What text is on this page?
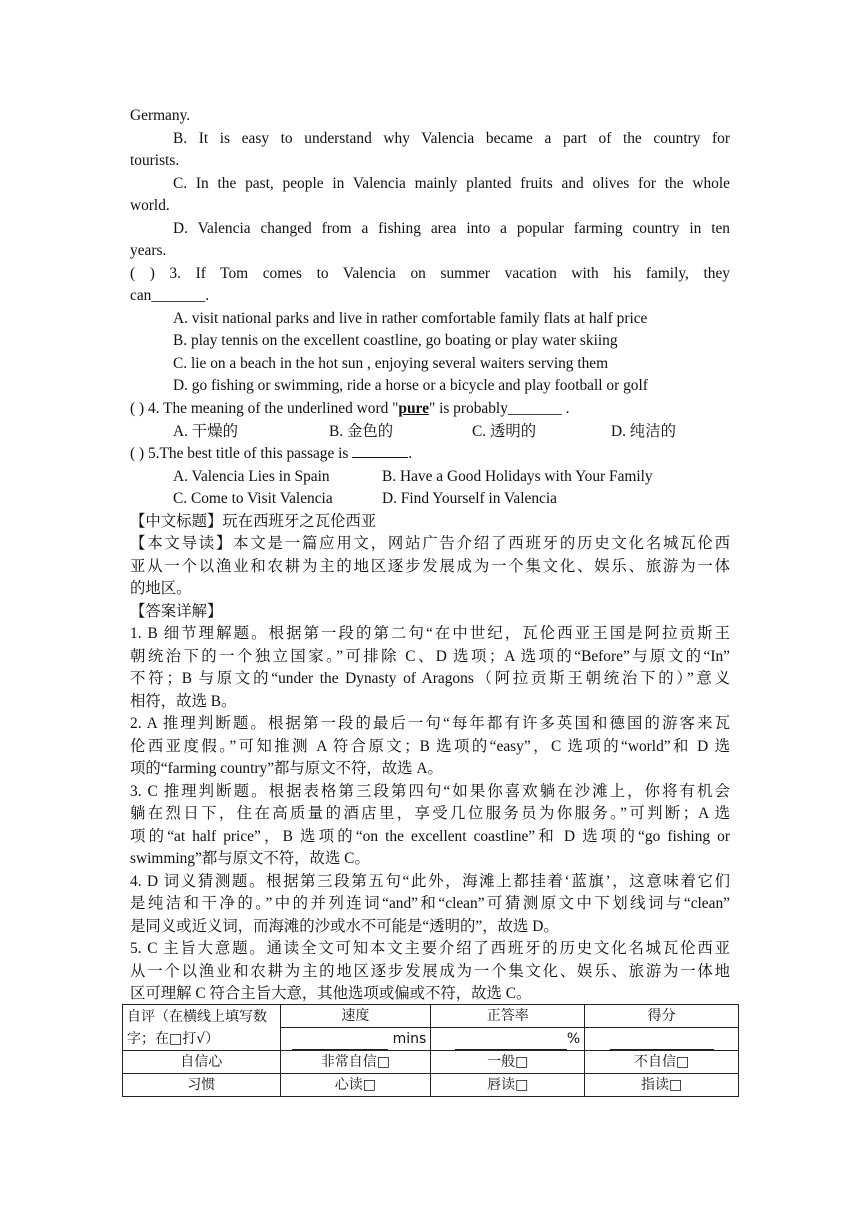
Germany.
B. It is easy to understand why Valencia became a part of the country for
tourists.
C. In the past, people in Valencia mainly planted fruits and olives for the whole
world.
D. Valencia changed from a fishing area into a popular farming country in ten
years.
( ) 3. If Tom comes to Valencia on summer vacation with his family, they
can_______.
A. visit national parks and live in rather comfortable family flats at half price
B. play tennis on the excellent coastline, go boating or play water skiing
C. lie on a beach in the hot sun , enjoying several waiters serving them
D. go fishing or swimming, ride a horse or a bicycle and play football or golf
( ) 4. The meaning of the underlined word "pure" is probably_______ .
A. 干燥的	B. 金色的	C. 透明的	D. 纯洁的
( ) 5.The best title of this passage is	.
A. Valencia Lies in Spain	B. Have a Good Holidays with Your Family
C. Come to Visit Valencia	D. Find Yourself in Valencia
【中文标题】玩在西班牙之瓦伦西亚
【本文导读】本文是一篇应用文，网站广告介绍了西班牙的历史文化名城瓦伦西
亚从一个以渔业和农耕为主的地区逐步发展成为一个集文化、娱乐、旅游为一体
的地区。
【答案详解】
1. B 细节理解题。根据第一段的第二句“在中世纪，瓦伦西亚王国是阿拉贡斯王
朝统治下的一个独立国家。”可排除 C、D 选项；A 选项的“Before”与原文的“In”
不符；B 与原文的“under the Dynasty of Aragons（阿拉贡斯王朝统治下的）”意义
相符，故选 B。
2. A 推理判断题。根据第一段的最后一句“每年都有许多英国和德国的游客来瓦
伦西亚度假。”可知推测 A 符合原文；B 选项的“easy”，C 选项的“world”和 D 选
项的“farming country”都与原文不符，故选 A。
3. C 推理判断题。根据表格第三段第四句“如果你喜欢躺在沙滩上，你将有机会
躺在烈日下，住在高质量的酒店里，享受几位服务员为你服务。”可判断；A 选
项的“at half price”，B 选项的“on the excellent coastline”和 D 选项的“go fishing or
swimming”都与原文不符，故选 C。
4. D 词义猜测题。根据第三段第五句“此外，海滩上都挂着‘蓝旗’，这意味着它们
是纯洁和干净的。”中的并列连词“and”和“clean”可猜测原文中下划线词与“clean”
是同义或近义词，而海滩的沙或水不可能是“透明的”，故选 D。
5. C 主旨大意题。通读全文可知本文主要介绍了西班牙的历史文化名城瓦伦西亚
从一个以渔业和农耕为主的地区逐步发展成为一个集文化、娱乐、旅游为一体地
区可理解 C 符合主旨大意，其他选项或偏或不符，故选 C。
自评（在横线上填写数字；在□打√）	速度	正答率	得分
	mins	%	
自信心	非常自信□	一般□	不自信□
习惯	心读□	唇读□	指读□
